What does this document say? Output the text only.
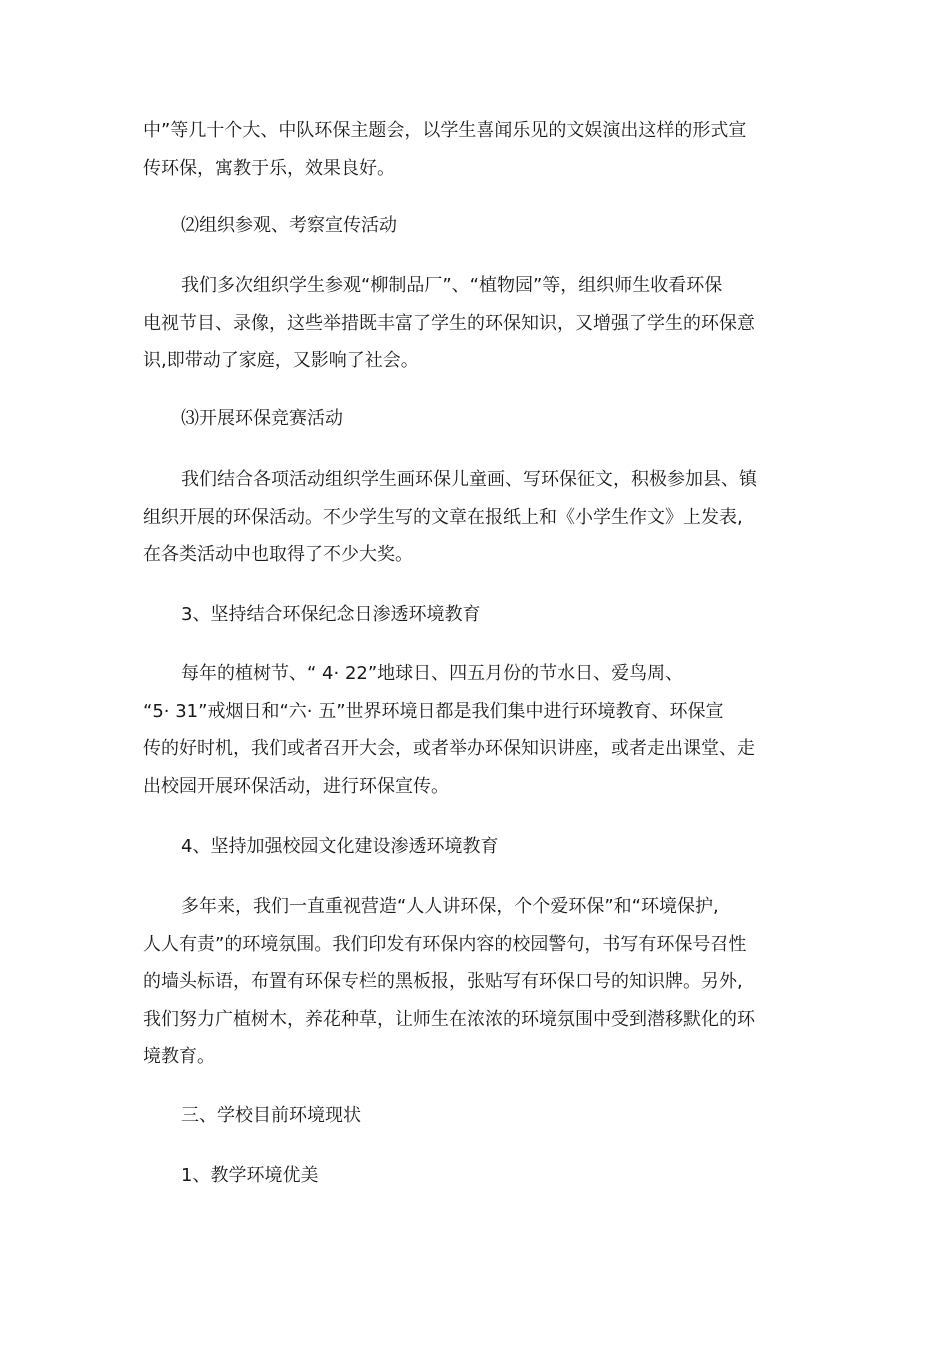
中”等几十个大、中队环保主题会，以学生喜闻乐见的文娱演出这样的形式宣
传环保，寓教于乐，效果良好。
⑵组织参观、考察宣传活动
我们多次组织学生参观“柳制品厂”、“植物园”等，组织师生收看环保
电视节目、录像，这些举措既丰富了学生的环保知识，又增强了学生的环保意
识,即带动了家庭，又影响了社会。
⑶开展环保竞赛活动
我们结合各项活动组织学生画环保儿童画、写环保征文，积极参加县、镇
组织开展的环保活动。不少学生写的文章在报纸上和《小学生作文》上发表,
在各类活动中也取得了不少大奖。
3、坚持结合环保纪念日渗透环境教育
每年的植树节、“ 4· 22”地球日、四五月份的节水日、爱鸟周、
“5· 31”戒烟日和“六· 五”世界环境日都是我们集中进行环境教育、环保宣
传的好时机，我们或者召开大会，或者举办环保知识讲座，或者走出课堂、走
出校园开展环保活动，进行环保宣传。
4、坚持加强校园文化建设渗透环境教育
多年来，我们一直重视营造“人人讲环保，个个爱环保”和“环境保护,
人人有责”的环境氛围。我们印发有环保内容的校园警句，书写有环保号召性
的墙头标语，布置有环保专栏的黑板报，张贴写有环保口号的知识牌。另外,
我们努力广植树木，养花种草，让师生在浓浓的环境氛围中受到潜移默化的环
境教育。
三、学校目前环境现状
1、教学环境优美
